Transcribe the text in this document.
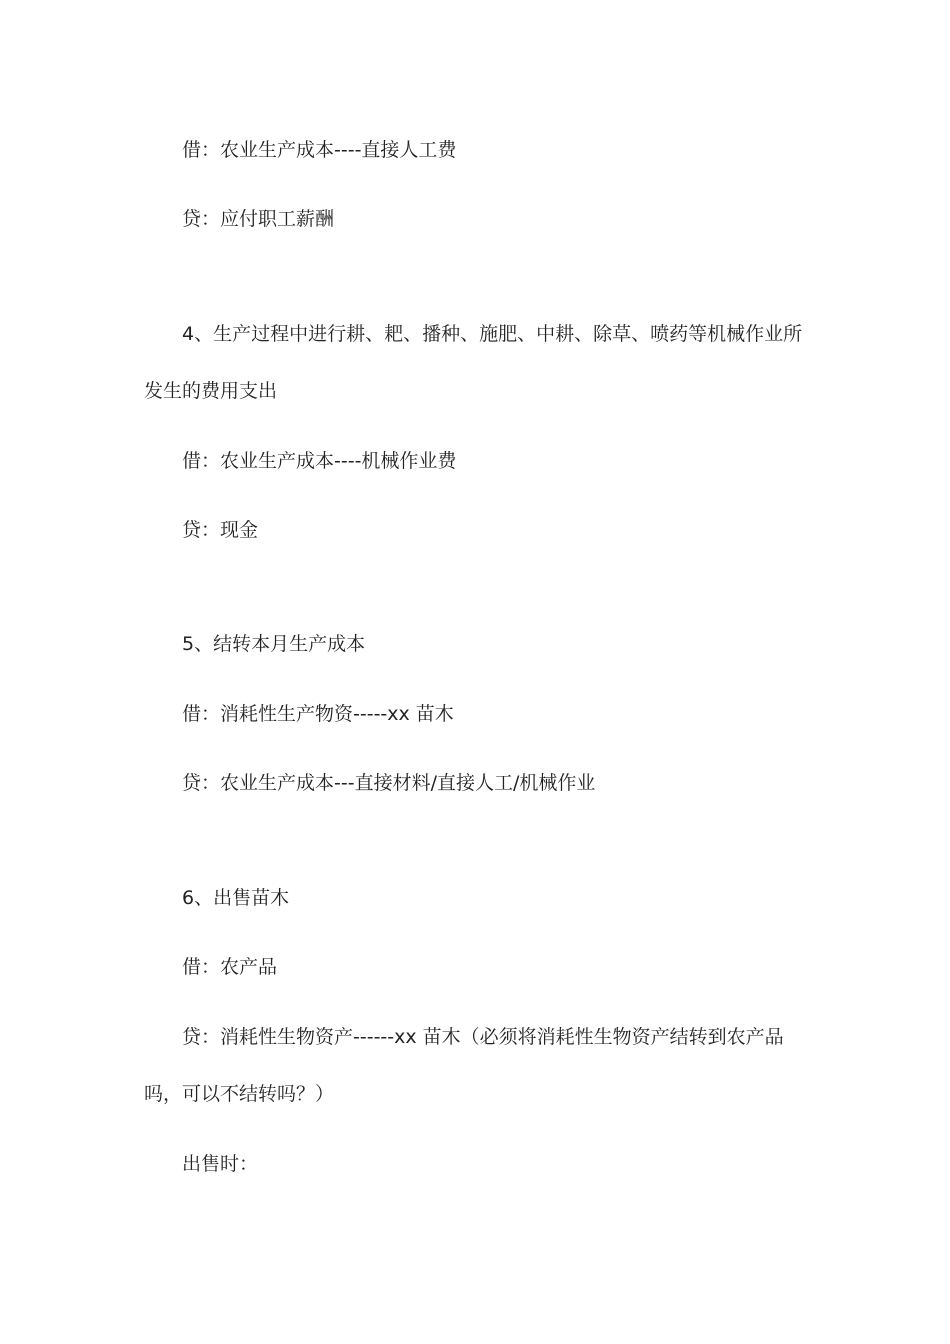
借：农业生产成本----直接人工费
贷：应付职工薪酬
4、生产过程中进行耕、耙、播种、施肥、中耕、除草、喷药等机械作业所
发生的费用支出
借：农业生产成本----机械作业费
贷：现金
5、结转本月生产成本
借：消耗性生产物资-----xx 苗木
贷：农业生产成本---直接材料/直接人工/机械作业
6、出售苗木
借：农产品
贷：消耗性生物资产------xx 苗木（必须将消耗性生物资产结转到农产品
吗，可以不结转吗？）
出售时：
